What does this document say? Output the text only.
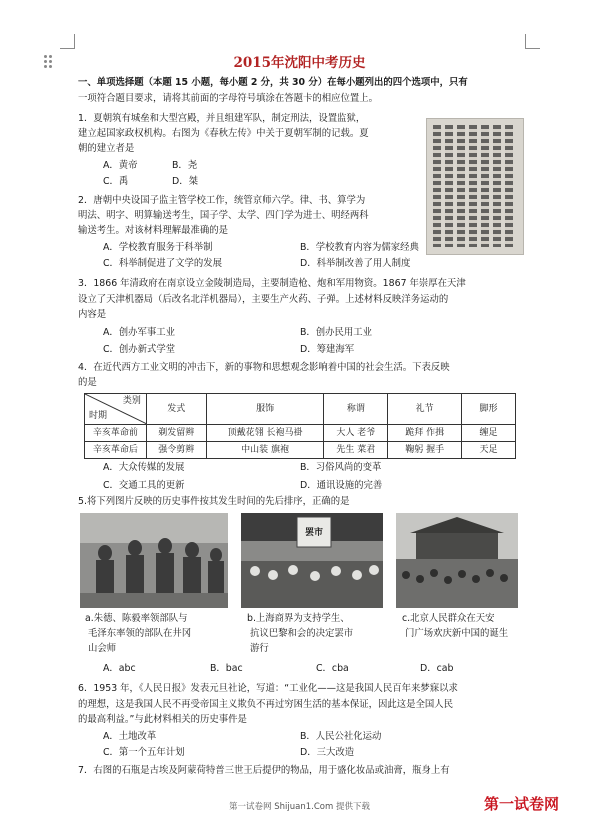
2015年沈阳中考历史
一、单项选择题（本题 15 小题，每小题 2 分，共 30 分）在每小题列出的四个选项中，只有
一项符合题目要求，请将其前面的字母符号填涂在答题卡的相应位置上。
1．夏朝筑有城垒和大型宫殿，并且组建军队，制定刑法，设置监狱，
建立起国家政权机构。右图为《春秋左传》中关于夏朝军制的记载。夏
朝的建立者是
A．黄帝	B．尧
C．禹	D．桀
2．唐朝中央设国子监主管学校工作，统管京师六学。律、书、算学为
明法、明字、明算输送考生，国子学、太学、四门学为进士、明经两科
输送考生。对该材料理解最准确的是
A．学校教育服务于科举制	B．学校教育内容为儒家经典
C．科举制促进了文学的发展	D．科举制改善了用人制度
3．1866 年清政府在南京设立金陵制造局，主要制造枪、炮和军用物资。1867 年崇厚在天津
设立了天津机器局（后改名北洋机器局），主要生产火药、子弹。上述材料反映洋务运动的
内容是
A．创办军事工业	B．创办民用工业
C．创办新式学堂	D．筹建海军
4．在近代西方工业文明的冲击下，新的事物和思想观念影响着中国的社会生活。下表反映
的是
类别
时期	发式	服饰	称谓	礼节	脚形
辛亥革命前	剃发留辫	顶戴花翎 长袍马褂	大人 老爷	跪拜 作揖	缠足
辛亥革命后	强令剪辫	中山装 旗袍	先生 菜君	鞠躬 握手	天足
A．大众传媒的发展	B．习俗风尚的变革
C．交通工具的更新	D．通讯设施的完善
5.将下列图片反映的历史事件按其发生时间的先后排序，正确的是
罢市
a.朱德、陈毅率领部队与
毛泽东率领的部队在井冈
山会师
b.上海商界为支持学生、
抗议巴黎和会的决定罢市
游行
c.北京人民群众在天安
门广场欢庆新中国的诞生
A．abc	B．bac	C．cba	D．cab
6．1953 年，《人民日报》发表元旦社论，写道：“工业化——这是我国人民百年来梦寐以求
的理想，这是我国人民不再受帝国主义欺负不再过穷困生活的基本保证，因此这是全国人民
的最高利益。”与此材料相关的历史事件是
A．土地改革	B．人民公社化运动
C．第一个五年计划	D．三大改造
7．右图的石瓶是古埃及阿蒙荷特普三世王后提伊的物品，用于盛化妆品或油膏，瓶身上有
第一试卷网 Shijuan1.Com 提供下载	第一试卷网
